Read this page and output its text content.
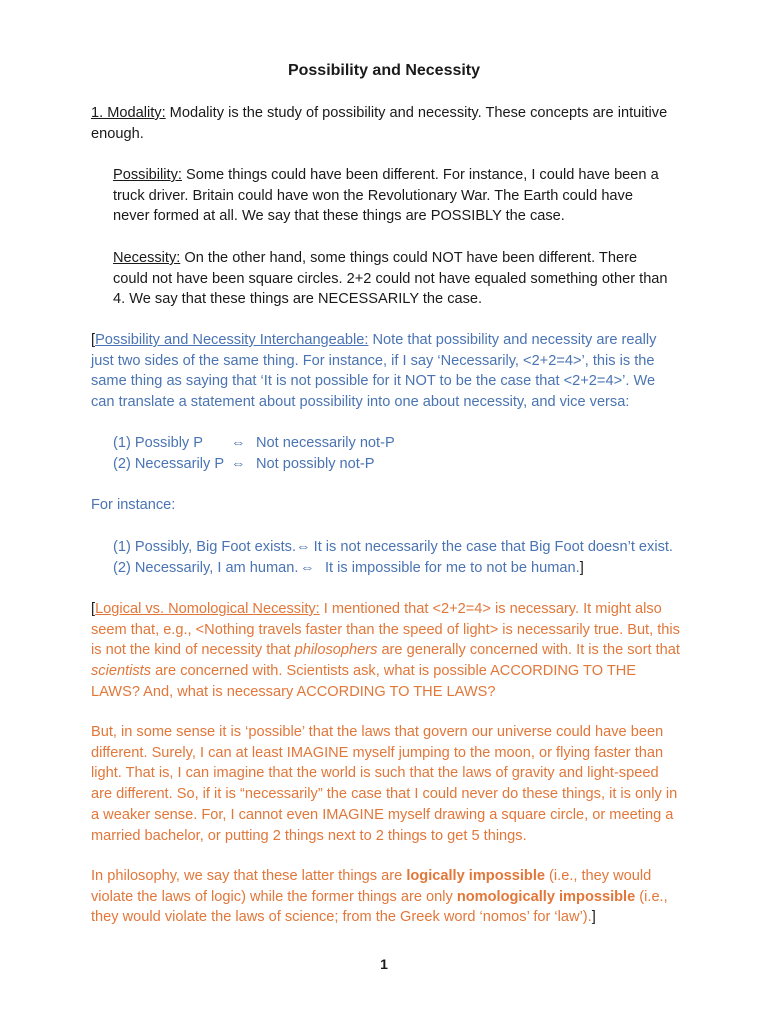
Possibility and Necessity

1. Modality: Modality is the study of possibility and necessity. These concepts are intuitive enough.

Possibility: Some things could have been different. For instance, I could have been a truck driver. Britain could have won the Revolutionary War. The Earth could have never formed at all. We say that these things are POSSIBLY the case.

Necessity: On the other hand, some things could NOT have been different. There could not have been square circles. 2+2 could not have equaled something other than 4. We say that these things are NECESSARILY the case.

[Possibility and Necessity Interchangeable: Note that possibility and necessity are really just two sides of the same thing. For instance, if I say ‘Necessarily, <2+2=4>’, this is the same thing as saying that ‘It is not possible for it NOT to be the case that <2+2=4>’. We can translate a statement about possibility into one about necessity, and vice versa:

(1) Possibly P	⇔ Not necessarily not-P
(2) Necessarily P ⇔ Not possibly not-P

For instance:

(1) Possibly, Big Foot exists. ⇔ It is not necessarily the case that Big Foot doesn’t exist.
(2) Necessarily, I am human. ⇔ It is impossible for me to not be human. ]

[Logical vs. Nomological Necessity: I mentioned that <2+2=4> is necessary. It might also seem that, e.g., <Nothing travels faster than the speed of light> is necessarily true. But, this is not the kind of necessity that philosophers are generally concerned with. It is the sort that scientists are concerned with. Scientists ask, what is possible ACCORDING TO THE LAWS? And, what is necessary ACCORDING TO THE LAWS?

But, in some sense it is ‘possible’ that the laws that govern our universe could have been different. Surely, I can at least IMAGINE myself jumping to the moon, or flying faster than light. That is, I can imagine that the world is such that the laws of gravity and light-speed are different. So, if it is “necessarily” the case that I could never do these things, it is only in a weaker sense. For, I cannot even IMAGINE myself drawing a square circle, or meeting a married bachelor, or putting 2 things next to 2 things to get 5 things.

In philosophy, we say that these latter things are logically impossible (i.e., they would violate the laws of logic) while the former things are only nomologically impossible (i.e., they would violate the laws of science; from the Greek word ‘nomos’ for ‘law’).]

1
